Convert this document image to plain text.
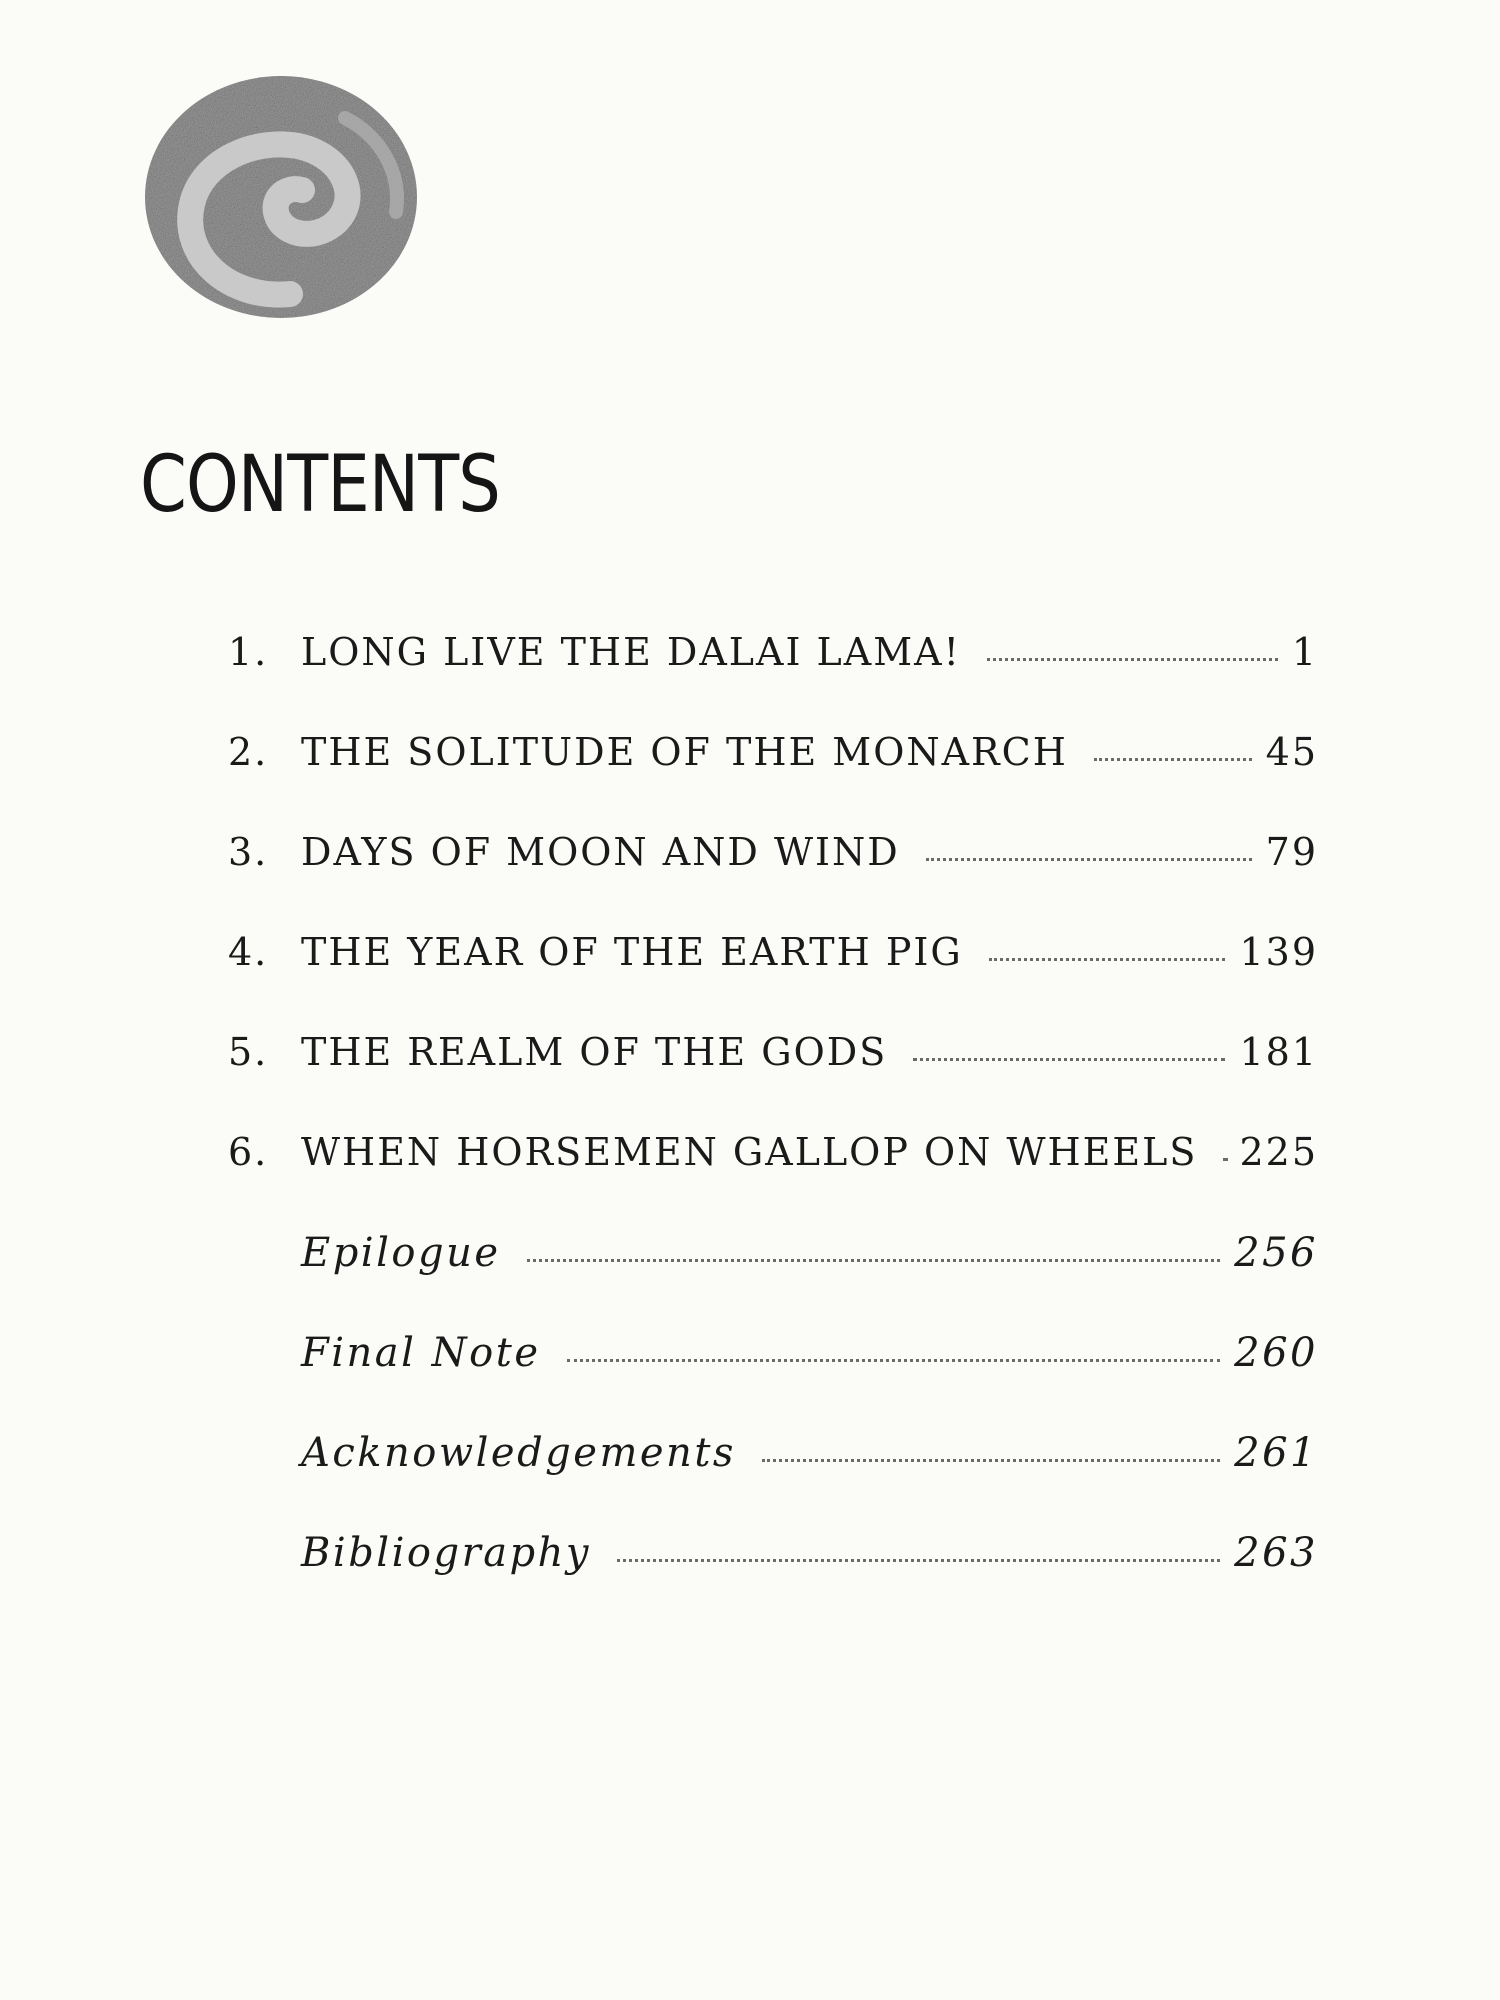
CONTENTS
1. LONG LIVE THE DALAI LAMA!	1
2. THE SOLITUDE OF THE MONARCH	45
3. DAYS OF MOON AND WIND	79
4. THE YEAR OF THE EARTH PIG	139
5. THE REALM OF THE GODS	181
6. WHEN HORSEMEN GALLOP ON WHEELS 225
Epilogue	256
Final Note	260
Acknowledgements	261
Bibliography	263
